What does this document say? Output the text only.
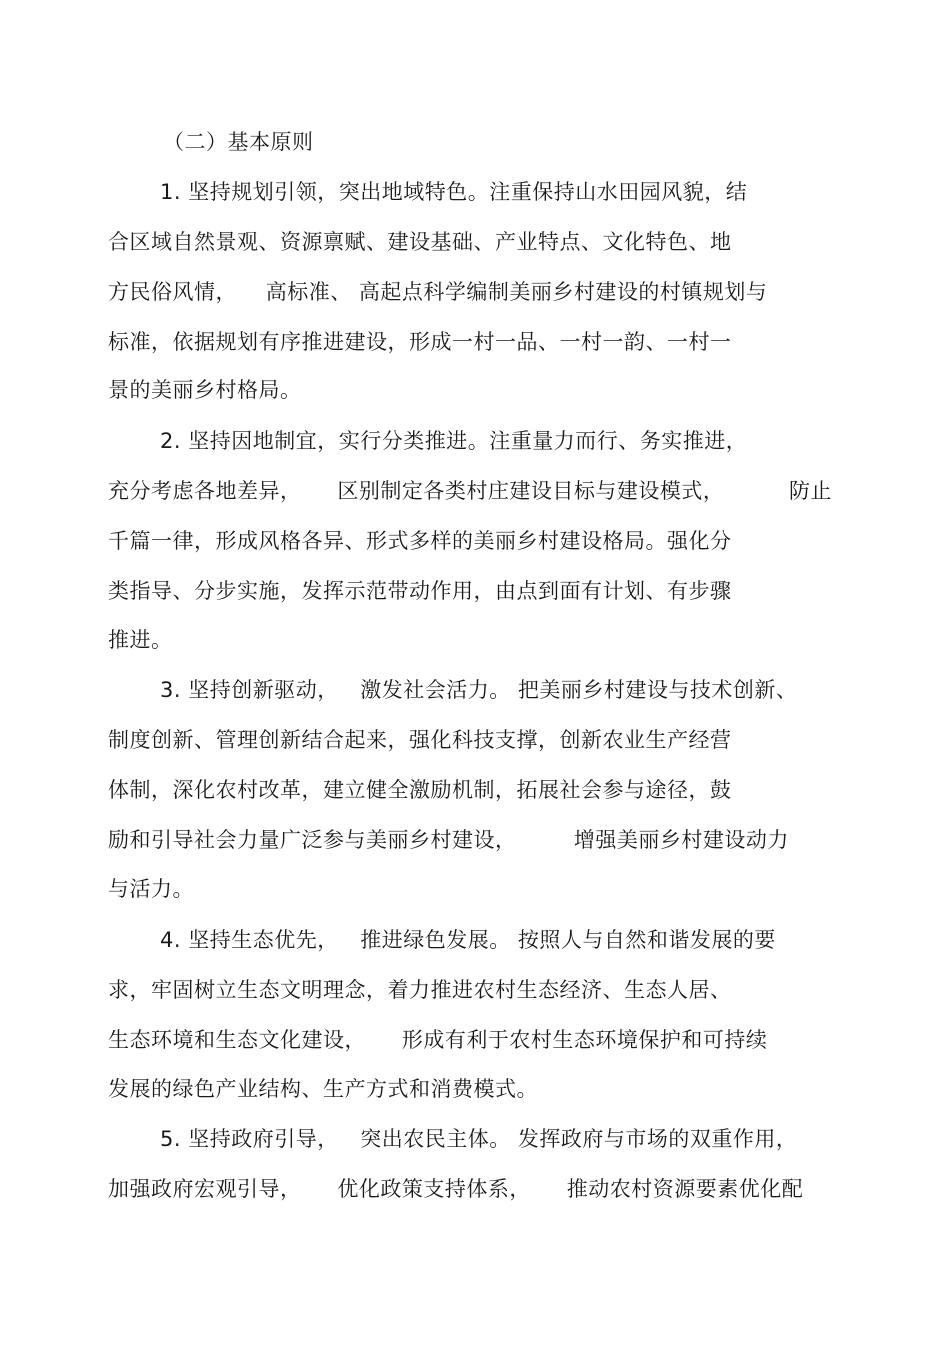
（二）基本原则
1. 坚持规划引领，突出地域特色。注重保持山水田园风貌，结
合区域自然景观、资源禀赋、建设基础、产业特点、文化特色、地
方民俗风情，    高标准、 高起点科学编制美丽乡村建设的村镇规划与
标准，依据规划有序推进建设，形成一村一品、一村一韵、一村一
景的美丽乡村格局。
2. 坚持因地制宜，实行分类推进。注重量力而行、务实推进，
充分考虑各地差异，     区别制定各类村庄建设目标与建设模式，         防止
千篇一律，形成风格各异、形式多样的美丽乡村建设格局。强化分
类指导、分步实施，发挥示范带动作用，由点到面有计划、有步骤
推进。
3. 坚持创新驱动，   激发社会活力。 把美丽乡村建设与技术创新、
制度创新、管理创新结合起来，强化科技支撑，创新农业生产经营
体制，深化农村改革，建立健全激励机制，拓展社会参与途径，鼓
励和引导社会力量广泛参与美丽乡村建设，        增强美丽乡村建设动力
与活力。
4. 坚持生态优先，   推进绿色发展。 按照人与自然和谐发展的要
求，牢固树立生态文明理念，着力推进农村生态经济、生态人居、
生态环境和生态文化建设，     形成有利于农村生态环境保护和可持续
发展的绿色产业结构、生产方式和消费模式。
5. 坚持政府引导，   突出农民主体。 发挥政府与市场的双重作用，
加强政府宏观引导，     优化政策支持体系，     推动农村资源要素优化配
